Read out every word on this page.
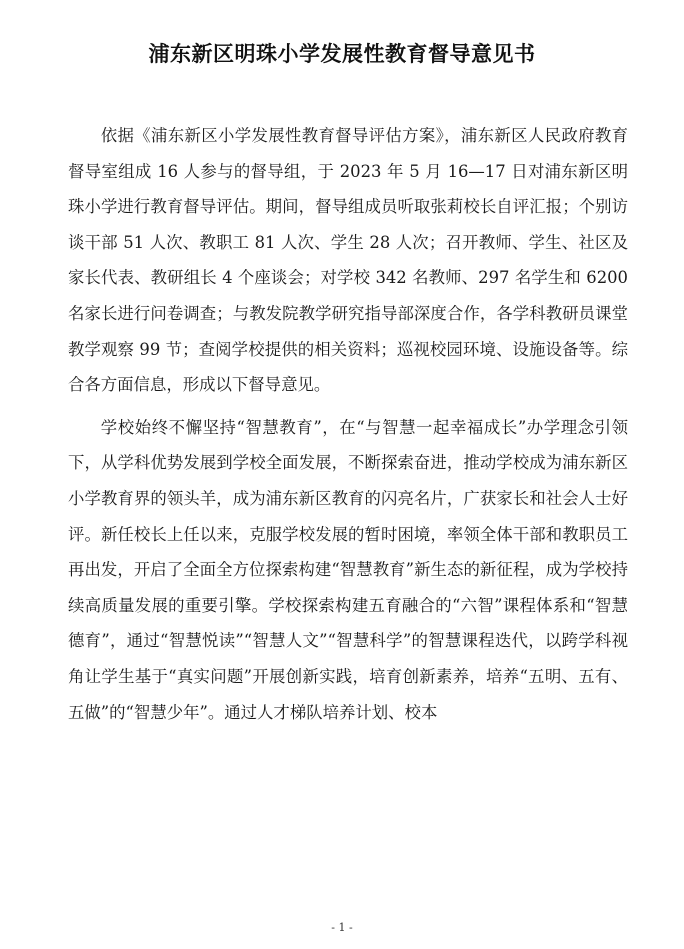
浦东新区明珠小学发展性教育督导意见书

依据《浦东新区小学发展性教育督导评估方案》，浦东新区人民政府教育督导室组成 16 人参与的督导组，于 2023 年 5 月 16—17 日对浦东新区明珠小学进行教育督导评估。期间，督导组成员听取张莉校长自评汇报；个别访谈干部 51 人次、教职工 81 人次、学生 28 人次；召开教师、学生、社区及家长代表、教研组长 4 个座谈会；对学校 342 名教师、297 名学生和 6200 名家长进行问卷调查；与教发院教学研究指导部深度合作，各学科教研员课堂教学观察 99 节；查阅学校提供的相关资料；巡视校园环境、设施设备等。综合各方面信息，形成以下督导意见。

学校始终不懈坚持“智慧教育”，在“与智慧一起幸福成长”办学理念引领下，从学科优势发展到学校全面发展，不断探索奋进，推动学校成为浦东新区小学教育界的领头羊，成为浦东新区教育的闪亮名片，广获家长和社会人士好评。新任校长上任以来，克服学校发展的暂时困境，率领全体干部和教职员工再出发，开启了全面全方位探索构建“智慧教育”新生态的新征程，成为学校持续高质量发展的重要引擎。学校探索构建五育融合的“六智”课程体系和“智慧德育”，通过“智慧悦读”“智慧人文”“智慧科学”的智慧课程迭代，以跨学科视角让学生基于“真实问题”开展创新实践，培育创新素养，培养“五明、五有、五做”的“智慧少年”。通过人才梯队培养计划、校本

- 1 -
